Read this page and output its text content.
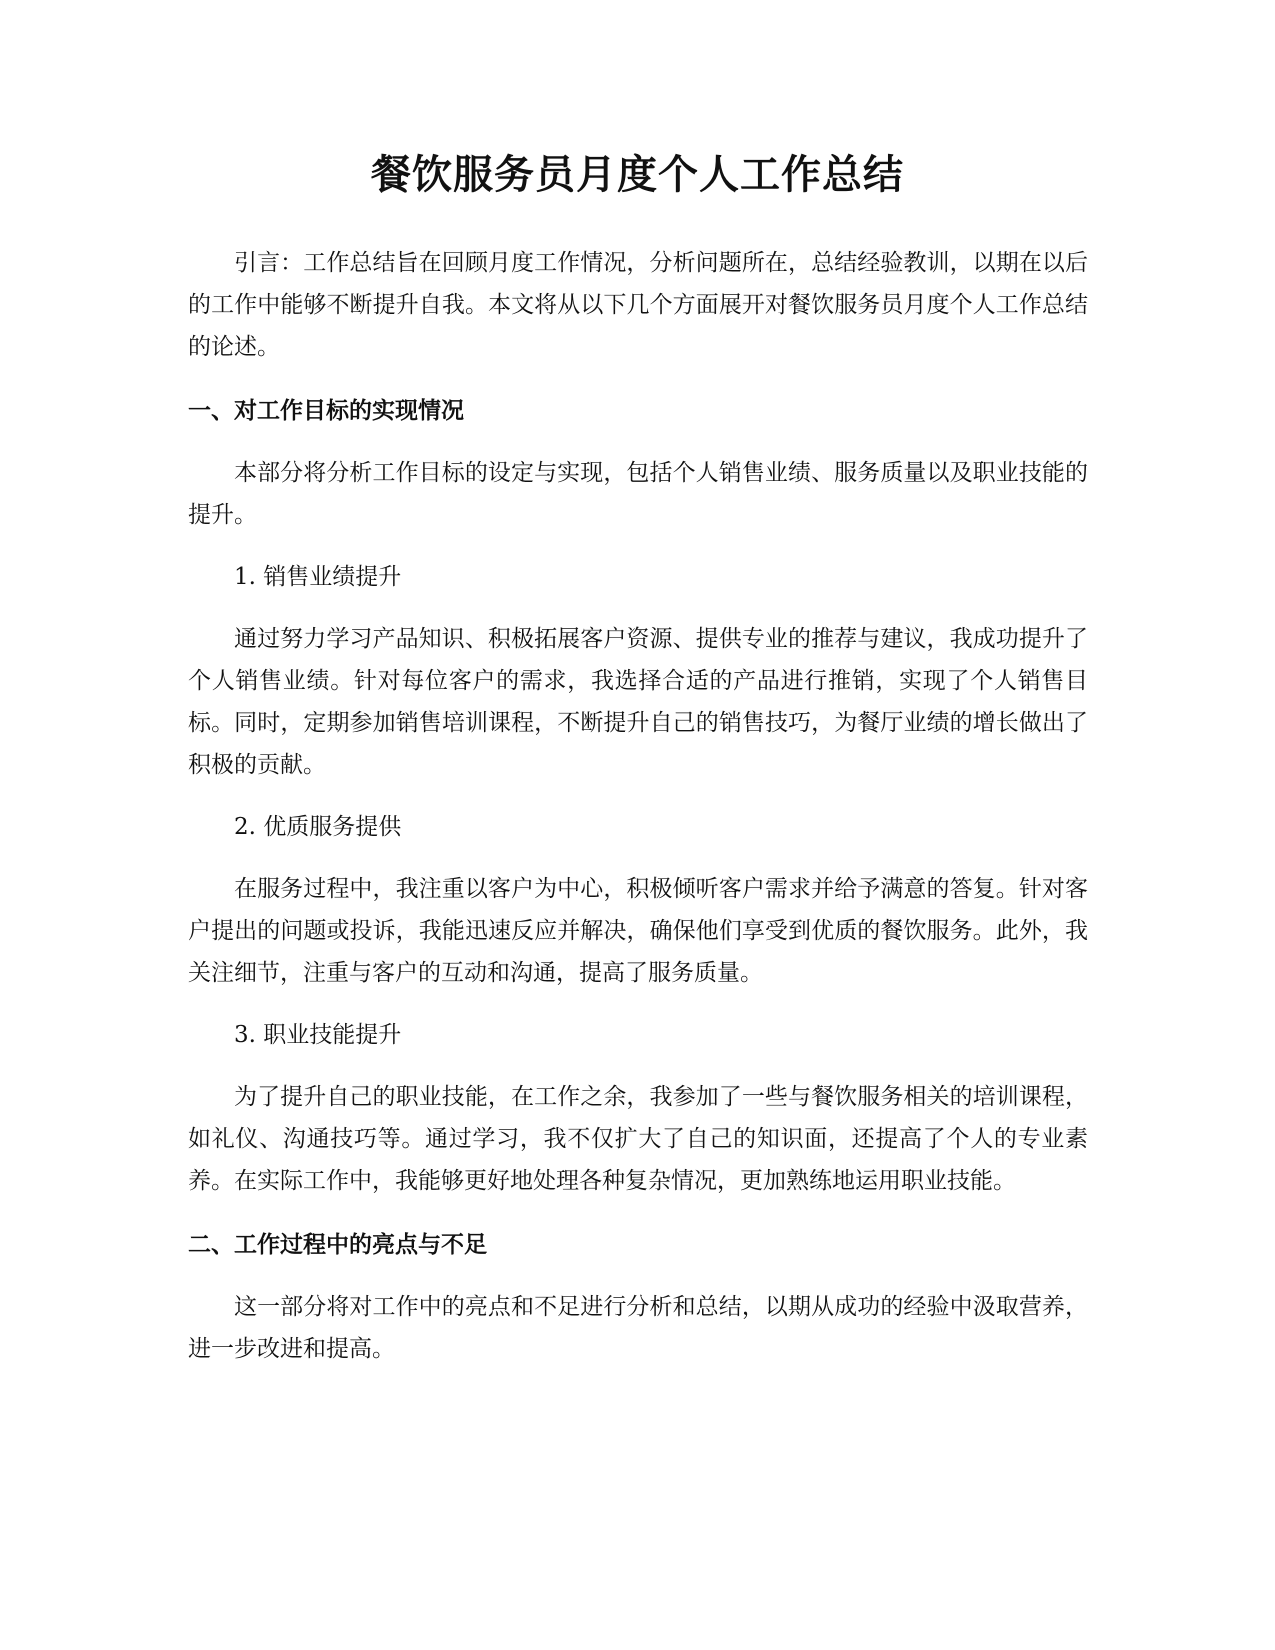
餐饮服务员月度个人工作总结

引言：工作总结旨在回顾月度工作情况，分析问题所在，总结经验教训，以期在以后的工作中能够不断提升自我。本文将从以下几个方面展开对餐饮服务员月度个人工作总结的论述。

一、对工作目标的实现情况

本部分将分析工作目标的设定与实现，包括个人销售业绩、服务质量以及职业技能的提升。

1. 销售业绩提升

通过努力学习产品知识、积极拓展客户资源、提供专业的推荐与建议，我成功提升了个人销售业绩。针对每位客户的需求，我选择合适的产品进行推销，实现了个人销售目标。同时，定期参加销售培训课程，不断提升自己的销售技巧，为餐厅业绩的增长做出了积极的贡献。

2. 优质服务提供

在服务过程中，我注重以客户为中心，积极倾听客户需求并给予满意的答复。针对客户提出的问题或投诉，我能迅速反应并解决，确保他们享受到优质的餐饮服务。此外，我关注细节，注重与客户的互动和沟通，提高了服务质量。

3. 职业技能提升

为了提升自己的职业技能，在工作之余，我参加了一些与餐饮服务相关的培训课程，如礼仪、沟通技巧等。通过学习，我不仅扩大了自己的知识面，还提高了个人的专业素养。在实际工作中，我能够更好地处理各种复杂情况，更加熟练地运用职业技能。

二、工作过程中的亮点与不足

这一部分将对工作中的亮点和不足进行分析和总结，以期从成功的经验中汲取营养，进一步改进和提高。
